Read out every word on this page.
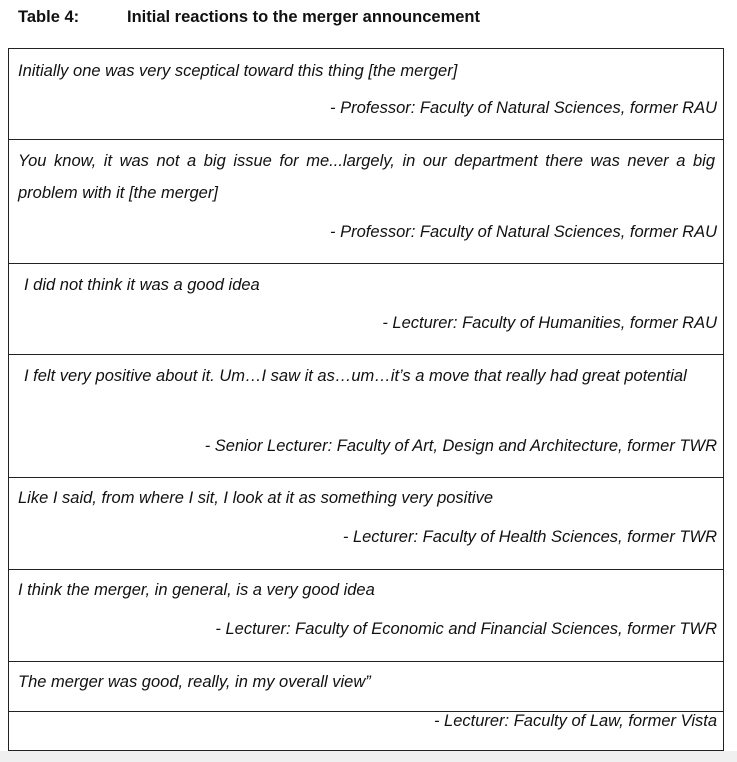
Table 4:	Initial reactions to the merger announcement
Initially one was very sceptical toward this thing [the merger]
- Professor: Faculty of Natural Sciences, former RAU
You know, it was not a big issue for me...largely, in our department there was never a big problem with it [the merger]
- Professor: Faculty of Natural Sciences, former RAU
I did not think it was a good idea
- Lecturer: Faculty of Humanities, former RAU
I felt very positive about it. Um…I saw it as…um…it’s a move that really had great potential
- Senior Lecturer: Faculty of Art, Design and Architecture, former TWR
Like I said, from where I sit, I look at it as something very positive
- Lecturer: Faculty of Health Sciences, former TWR
I think the merger, in general, is a very good idea
- Lecturer: Faculty of Economic and Financial Sciences, former TWR
The merger was good, really, in my overall view”
- Lecturer: Faculty of Law, former Vista
